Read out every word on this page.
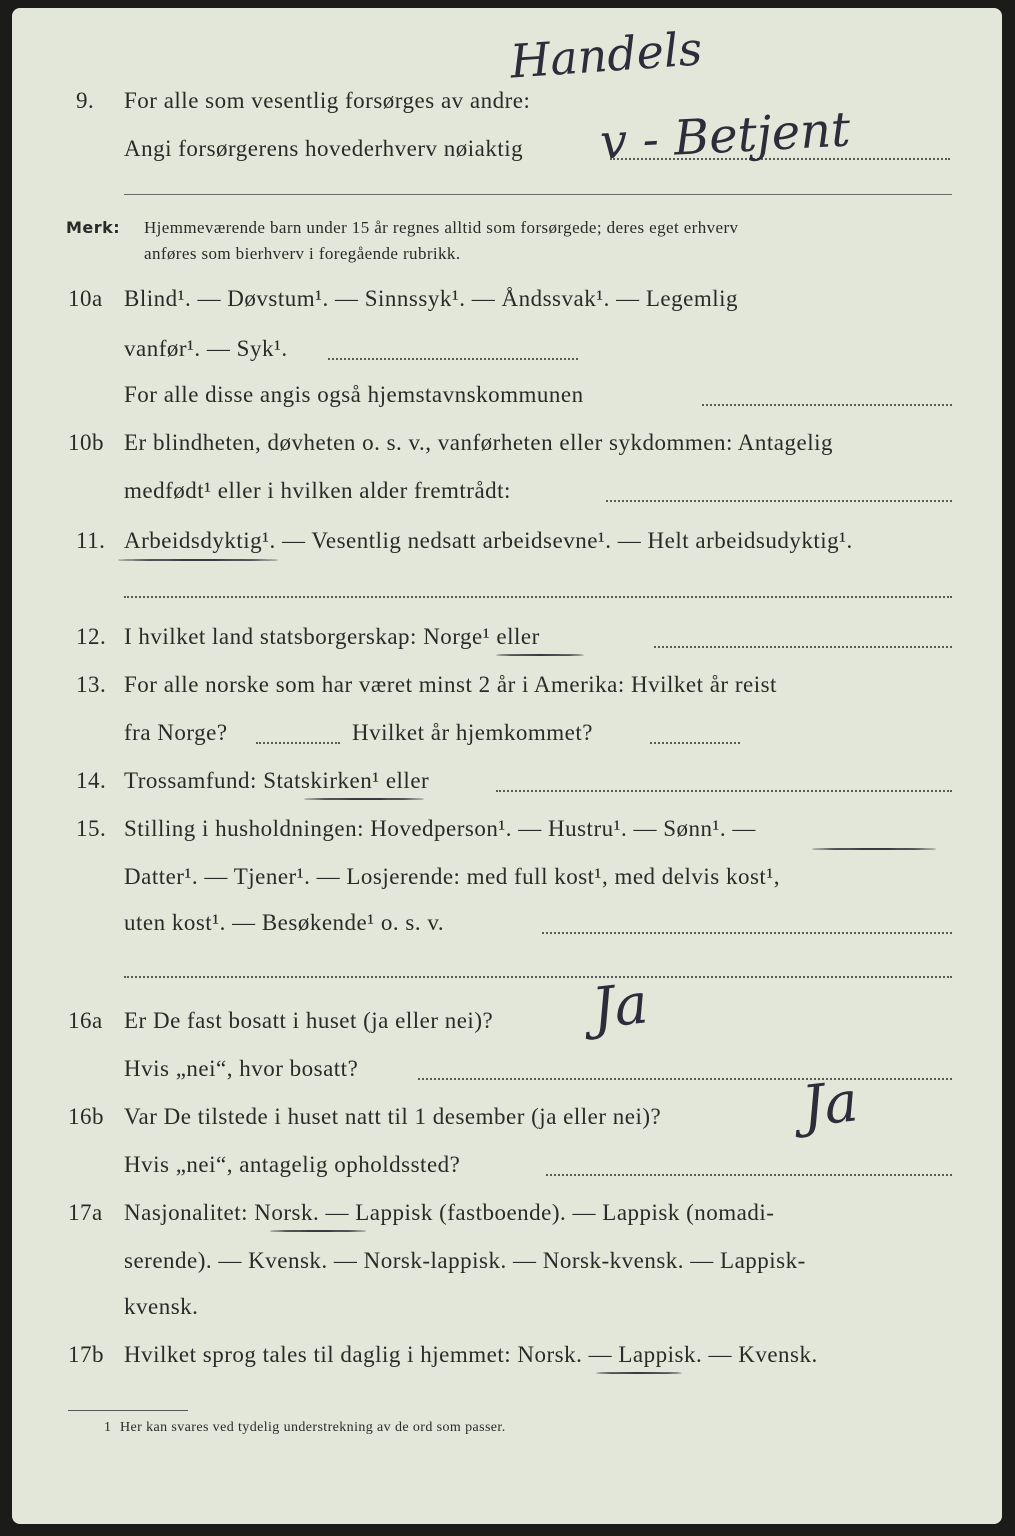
9. For alle som vesentlig forsørges av andre:
Angi forsørgerens hovederhverv nøiaktig
Handels
v - Betjent
Merk: Hjemmeværende barn under 15 år regnes alltid som forsørgede; deres eget erhverv
anføres som bierhverv i foregående rubrikk.
10a Blind¹. — Døvstum¹. — Sinnssyk¹. — Åndssvak¹. — Legemlig
vanfør¹. — Syk¹.
For alle disse angis også hjemstavnskommunen
10b Er blindheten, døvheten o. s. v., vanførheten eller sykdommen: Antagelig
medfødt¹ eller i hvilken alder fremtrådt:
11. Arbeidsdyktig¹. — Vesentlig nedsatt arbeidsevne¹. — Helt arbeidsudyktig¹.
12. I hvilket land statsborgerskap: Norge¹ eller
13. For alle norske som har været minst 2 år i Amerika: Hvilket år reist
fra Norge?	Hvilket år hjemkommet?
14. Trossamfund: Statskirken¹ eller
15. Stilling i husholdningen: Hovedperson¹. — Hustru¹. — Sønn¹. —
Datter¹. — Tjener¹. — Losjerende: med full kost¹, med delvis kost¹,
uten kost¹. — Besøkende¹ o. s. v.
16a Er De fast bosatt i huset (ja eller nei)? Ja
Hvis „nei“, hvor bosatt?
16b Var De tilstede i huset natt til 1 desember (ja eller nei)? Ja
Hvis „nei“, antagelig opholdssted?
17a Nasjonalitet: Norsk. — Lappisk (fastboende). — Lappisk (nomadi-
serende). — Kvensk. — Norsk-lappisk. — Norsk-kvensk. — Lappisk-
kvensk.
17b Hvilket sprog tales til daglig i hjemmet: Norsk. — Lappisk. — Kvensk.
1 Her kan svares ved tydelig understrekning av de ord som passer.
